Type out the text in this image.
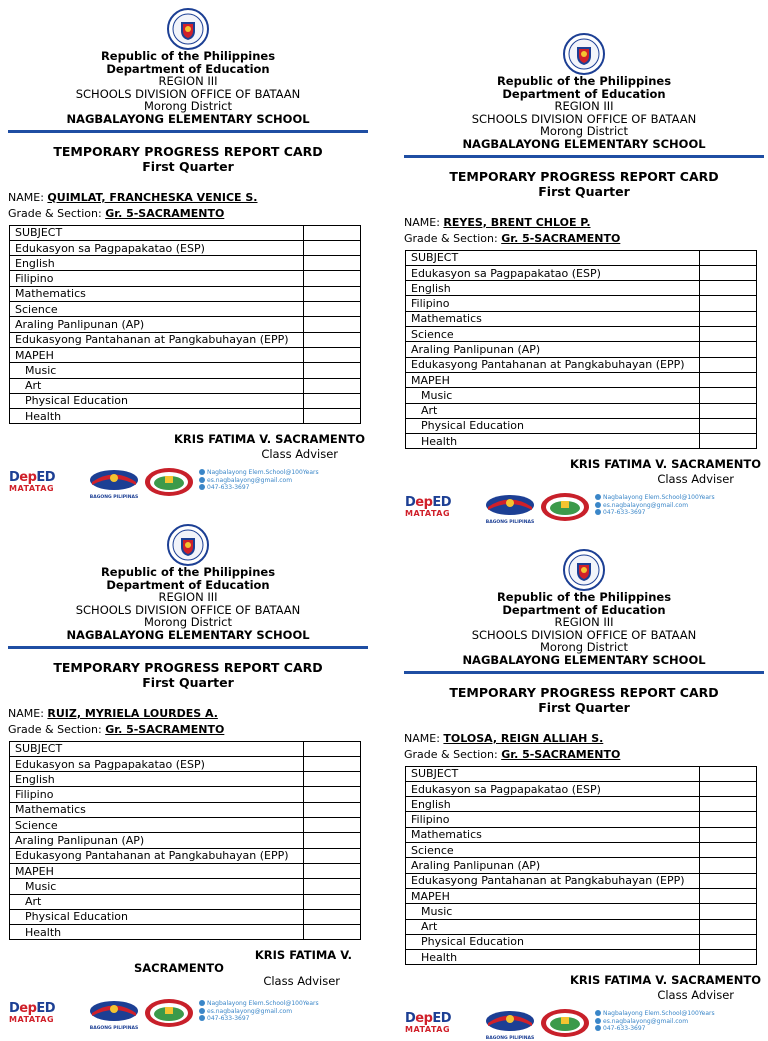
Republic of the Philippines
Department of Education
REGION III
SCHOOLS DIVISION OFFICE OF BATAAN
Morong District
NAGBALAYONG ELEMENTARY SCHOOL
TEMPORARY PROGRESS REPORT CARD
First Quarter
NAME: QUIMLAT, FRANCHESKA VENICE S.
Grade & Section: Gr. 5-SACRAMENTO
SUBJECT	
Edukasyon sa Pagpapakatao (ESP)	
English	
Filipino	
Mathematics	
Science	
Araling Panlipunan (AP)	
Edukasyong Pantahanan at Pangkabuhayan (EPP)	
MAPEH	
Music	
Art	
Physical Education	
Health	
KRIS FATIMA V. SACRAMENTO
Class Adviser
DepED
MATATAG
BAGONG PILIPINAS
Nagbalayong Elem.School@100Years
es.nagbalayong@gmail.com
047-633-3697
Republic of the Philippines
Department of Education
REGION III
SCHOOLS DIVISION OFFICE OF BATAAN
Morong District
NAGBALAYONG ELEMENTARY SCHOOL
TEMPORARY PROGRESS REPORT CARD
First Quarter
NAME: REYES, BRENT CHLOE P.
Grade & Section: Gr. 5-SACRAMENTO
SUBJECT	
Edukasyon sa Pagpapakatao (ESP)	
English	
Filipino	
Mathematics	
Science	
Araling Panlipunan (AP)	
Edukasyong Pantahanan at Pangkabuhayan (EPP)	
MAPEH	
Music	
Art	
Physical Education	
Health	
KRIS FATIMA V. SACRAMENTO
Class Adviser
DepED
MATATAG
BAGONG PILIPINAS
Nagbalayong Elem.School@100Years
es.nagbalayong@gmail.com
047-633-3697
Republic of the Philippines
Department of Education
REGION III
SCHOOLS DIVISION OFFICE OF BATAAN
Morong District
NAGBALAYONG ELEMENTARY SCHOOL
TEMPORARY PROGRESS REPORT CARD
First Quarter
NAME: RUIZ, MYRIELA LOURDES A.
Grade & Section: Gr. 5-SACRAMENTO
SUBJECT	
Edukasyon sa Pagpapakatao (ESP)	
English	
Filipino	
Mathematics	
Science	
Araling Panlipunan (AP)	
Edukasyong Pantahanan at Pangkabuhayan (EPP)	
MAPEH	
Music	
Art	
Physical Education	
Health	
KRIS FATIMA V.
SACRAMENTO
Class Adviser
DepED
MATATAG
BAGONG PILIPINAS
Nagbalayong Elem.School@100Years
es.nagbalayong@gmail.com
047-633-3697
Republic of the Philippines
Department of Education
REGION III
SCHOOLS DIVISION OFFICE OF BATAAN
Morong District
NAGBALAYONG ELEMENTARY SCHOOL
TEMPORARY PROGRESS REPORT CARD
First Quarter
NAME: TOLOSA, REIGN ALLIAH S.
Grade & Section: Gr. 5-SACRAMENTO
SUBJECT	
Edukasyon sa Pagpapakatao (ESP)	
English	
Filipino	
Mathematics	
Science	
Araling Panlipunan (AP)	
Edukasyong Pantahanan at Pangkabuhayan (EPP)	
MAPEH	
Music	
Art	
Physical Education	
Health	
KRIS FATIMA V. SACRAMENTO
Class Adviser
DepED
MATATAG
BAGONG PILIPINAS
Nagbalayong Elem.School@100Years
es.nagbalayong@gmail.com
047-633-3697
